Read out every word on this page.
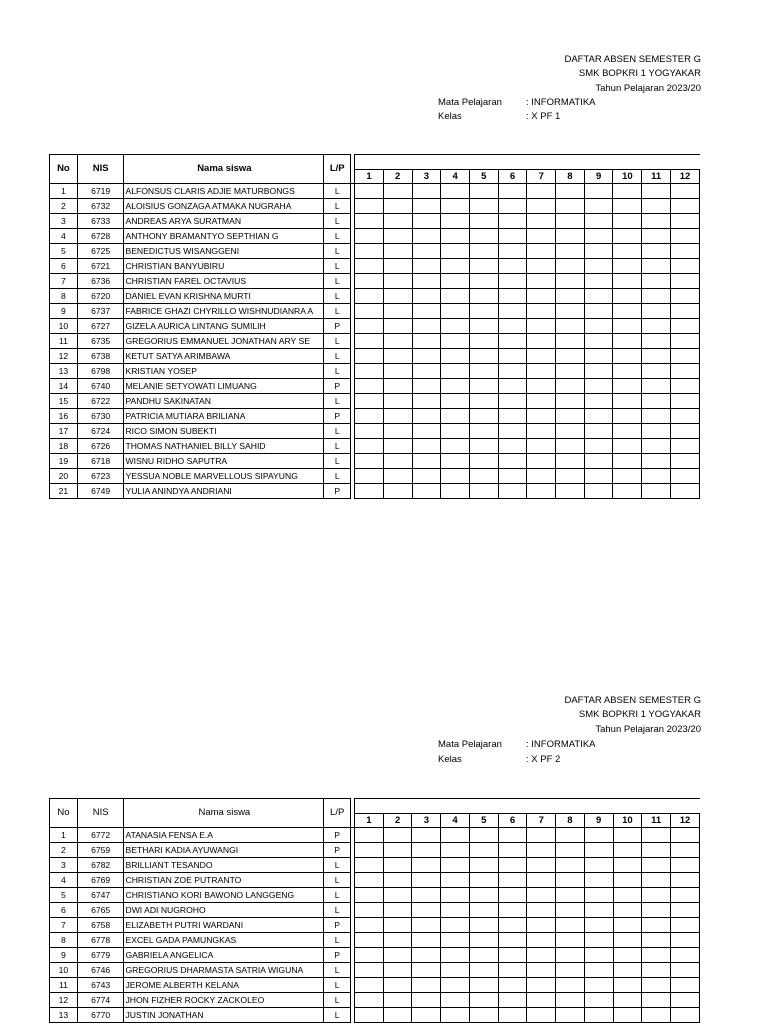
DAFTAR ABSEN SEMESTER G
SMK BOPKRI 1 YOGYAKAR
Tahun Pelajaran 2023/20
Mata Pelajaran	: INFORMATIKA
Kelas	: X PF 1
No	NIS	Nama siswa	L/P													
					1	2	3	4	5	6	7	8	9	10	11	12
1	6719	ALFONSUS CLARIS ADJIE MATURBONGS	L													
2	6732	ALOISIUS GONZAGA ATMAKA NUGRAHA	L													
3	6733	ANDREAS ARYA SURATMAN	L													
4	6728	ANTHONY BRAMANTYO SEPTHIAN G	L													
5	6725	BENEDICTUS WISANGGENI	L													
6	6721	CHRISTIAN BANYUBIRU	L													
7	6736	CHRISTIAN FAREL OCTAVIUS	L													
8	6720	DANIEL EVAN KRISHNA MURTI	L													
9	6737	FABRICE GHAZI CHYRILLO WISHNUDIANRA A	L													
10	6727	GIZELA AURICA LINTANG SUMILIH	P													
11	6735	GREGORIUS EMMANUEL JONATHAN ARY SE	L													
12	6738	KETUT SATYA ARIMBAWA	L													
13	6798	KRISTIAN YOSEP	L													
14	6740	MELANIE SETYOWATI LIMUANG	P													
15	6722	PANDHU SAKINATAN	L													
16	6730	PATRICIA MUTIARA BRILIANA	P													
17	6724	RICO SIMON SUBEKTI	L													
18	6726	THOMAS NATHANIEL BILLY SAHID	L													
19	6718	WISNU RIDHO SAPUTRA	L													
20	6723	YESSUA NOBLE MARVELLOUS SIPAYUNG	L													
21	6749	YULIA ANINDYA ANDRIANI	P													
DAFTAR ABSEN SEMESTER G
SMK BOPKRI 1 YOGYAKAR
Tahun Pelajaran 2023/20
Mata Pelajaran	: INFORMATIKA
Kelas	: X PF 2
No	NIS	Nama siswa	L/P													
					1	2	3	4	5	6	7	8	9	10	11	12
1	6772	ATANASIA FENSA E.A	P													
2	6759	BETHARI KADIA AYUWANGI	P													
3	6782	BRILLIANT TESANDO	L													
4	6769	CHRISTIAN ZOE PUTRANTO	L													
5	6747	CHRISTIANO KORI BAWONO LANGGENG	L													
6	6765	DWI ADI NUGROHO	L													
7	6758	ELIZABETH PUTRI WARDANI	P													
8	6778	EXCEL GADA PAMUNGKAS	L													
9	6779	GABRIELA ANGELICA	P													
10	6746	GREGORIUS DHARMASTA SATRIA WIGUNA	L													
11	6743	JEROME ALBERTH KELANA	L													
12	6774	JHON FIZHER ROCKY ZACKOLEO	L													
13	6770	JUSTIN JONATHAN	L													
